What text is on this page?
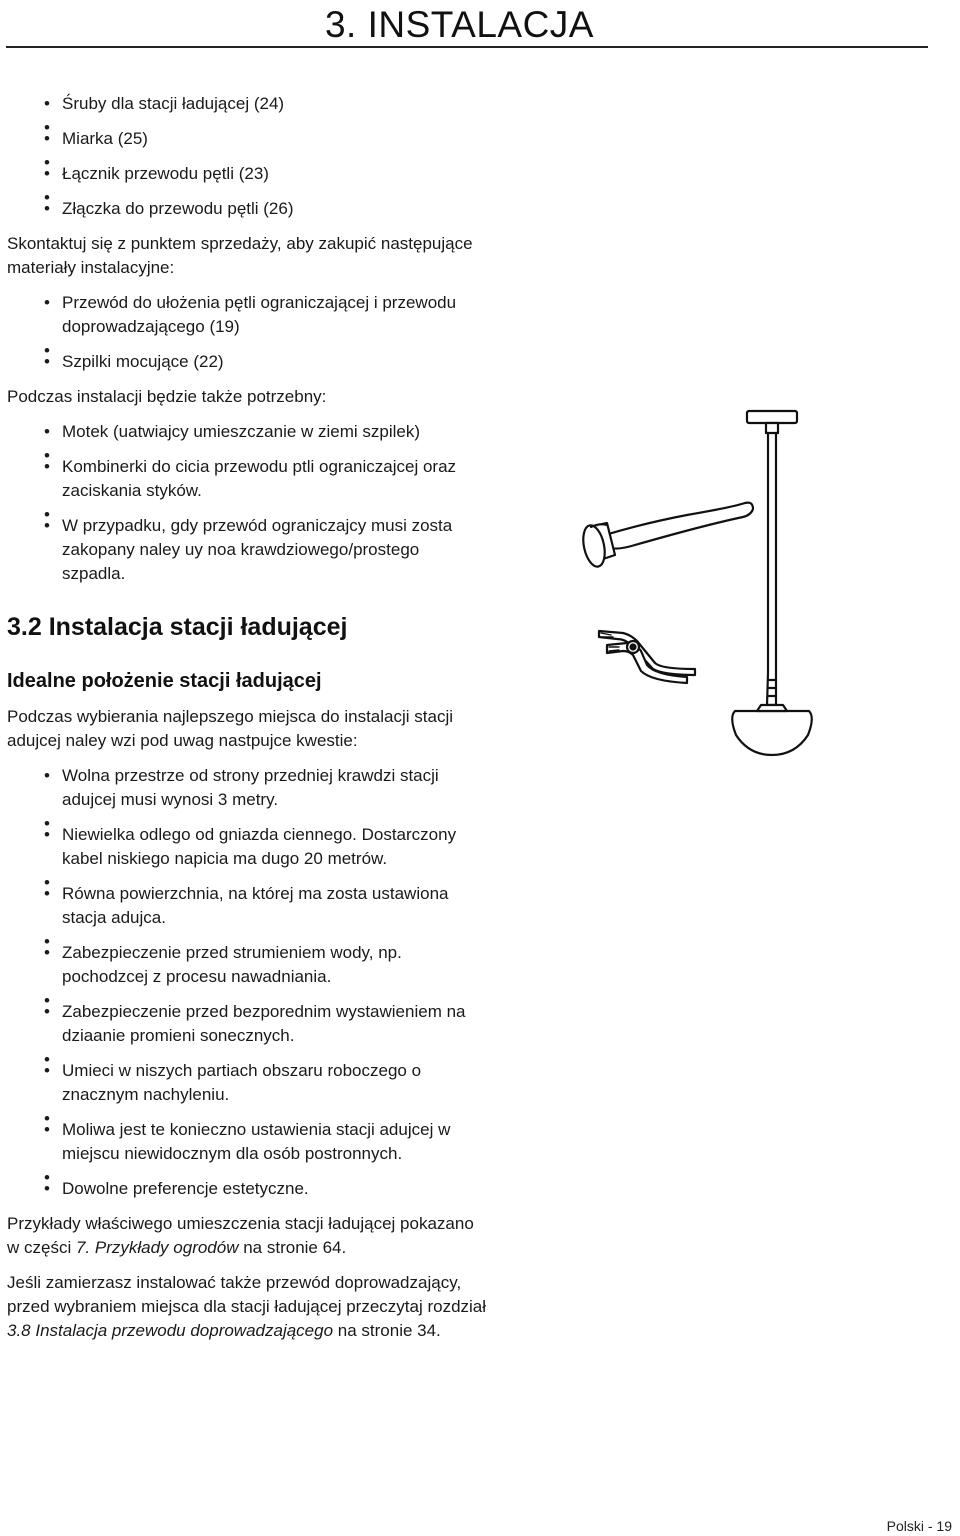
3. INSTALACJA
• Śruby dla stacji ładującej (24)
•
• Miarka (25)
•
• Łącznik przewodu pętli (23)
•
• Złączka do przewodu pętli (26)

Skontaktuj się z punktem sprzedaży, aby zakupić następujące materiały instalacyjne:

• Przewód do ułożenia pętli ograniczającej i przewodu doprowadzającego (19)
•
• Szpilki mocujące (22)

Podczas instalacji będzie także potrzebny:

• Motek (uatwiajcy umieszczanie w ziemi szpilek)
•
• Kombinerki do cicia przewodu ptli ograniczajcej oraz zaciskania styków.
•
• W przypadku, gdy przewód ograniczajcy musi zosta zakopany naley uy noa krawdziowego/prostego szpadla.
3.2 Instalacja stacji ładującej
Idealne położenie stacji ładującej

Podczas wybierania najlepszego miejsca do instalacji stacji adujcej naley wzi pod uwag nastpujce kwestie:

• Wolna przestrze od strony przedniej krawdzi stacji adujcej musi wynosi 3 metry.
•
• Niewielka odlego od gniazda ciennego. Dostarczony kabel niskiego napicia ma dugo 20 metrów.
•
• Równa powierzchnia, na której ma zosta ustawiona stacja adujca.
•
• Zabezpieczenie przed strumieniem wody, np. pochodzcej z procesu nawadniania.
•
• Zabezpieczenie przed bezporednim wystawieniem na dziaanie promieni sonecznych.
•
• Umieci w niszych partiach obszaru roboczego o znacznym nachyleniu.
•
• Moliwa jest te konieczno ustawienia stacji adujcej w miejscu niewidocznym dla osób postronnych.
•
• Dowolne preferencje estetyczne.

Przykłady właściwego umieszczenia stacji ładującej pokazano w części 7. Przykłady ogrodów na stronie 64.

Jeśli zamierzasz instalować także przewód doprowadzający, przed wybraniem miejsca dla stacji ładującej przeczytaj rozdział 3.8 Instalacja przewodu doprowadzającego na stronie 34.

Polski - 19
